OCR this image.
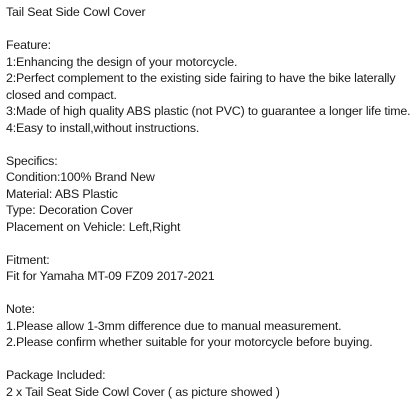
Tail Seat Side Cowl Cover
Feature:
1:Enhancing the design of your motorcycle.
2:Perfect complement to the existing side fairing to have the bike laterally
closed and compact.
3:Made of high quality ABS plastic (not PVC) to guarantee a longer life time.
4:Easy to install,without instructions.
Specifics:
Condition:100% Brand New
Material: ABS Plastic
Type: Decoration Cover
Placement on Vehicle: Left,Right
Fitment:
Fit for Yamaha MT-09 FZ09 2017-2021
Note:
1.Please allow 1-3mm difference due to manual measurement.
2.Please confirm whether suitable for your motorcycle before buying.
Package Included:
2 x Tail Seat Side Cowl Cover ( as picture showed )
